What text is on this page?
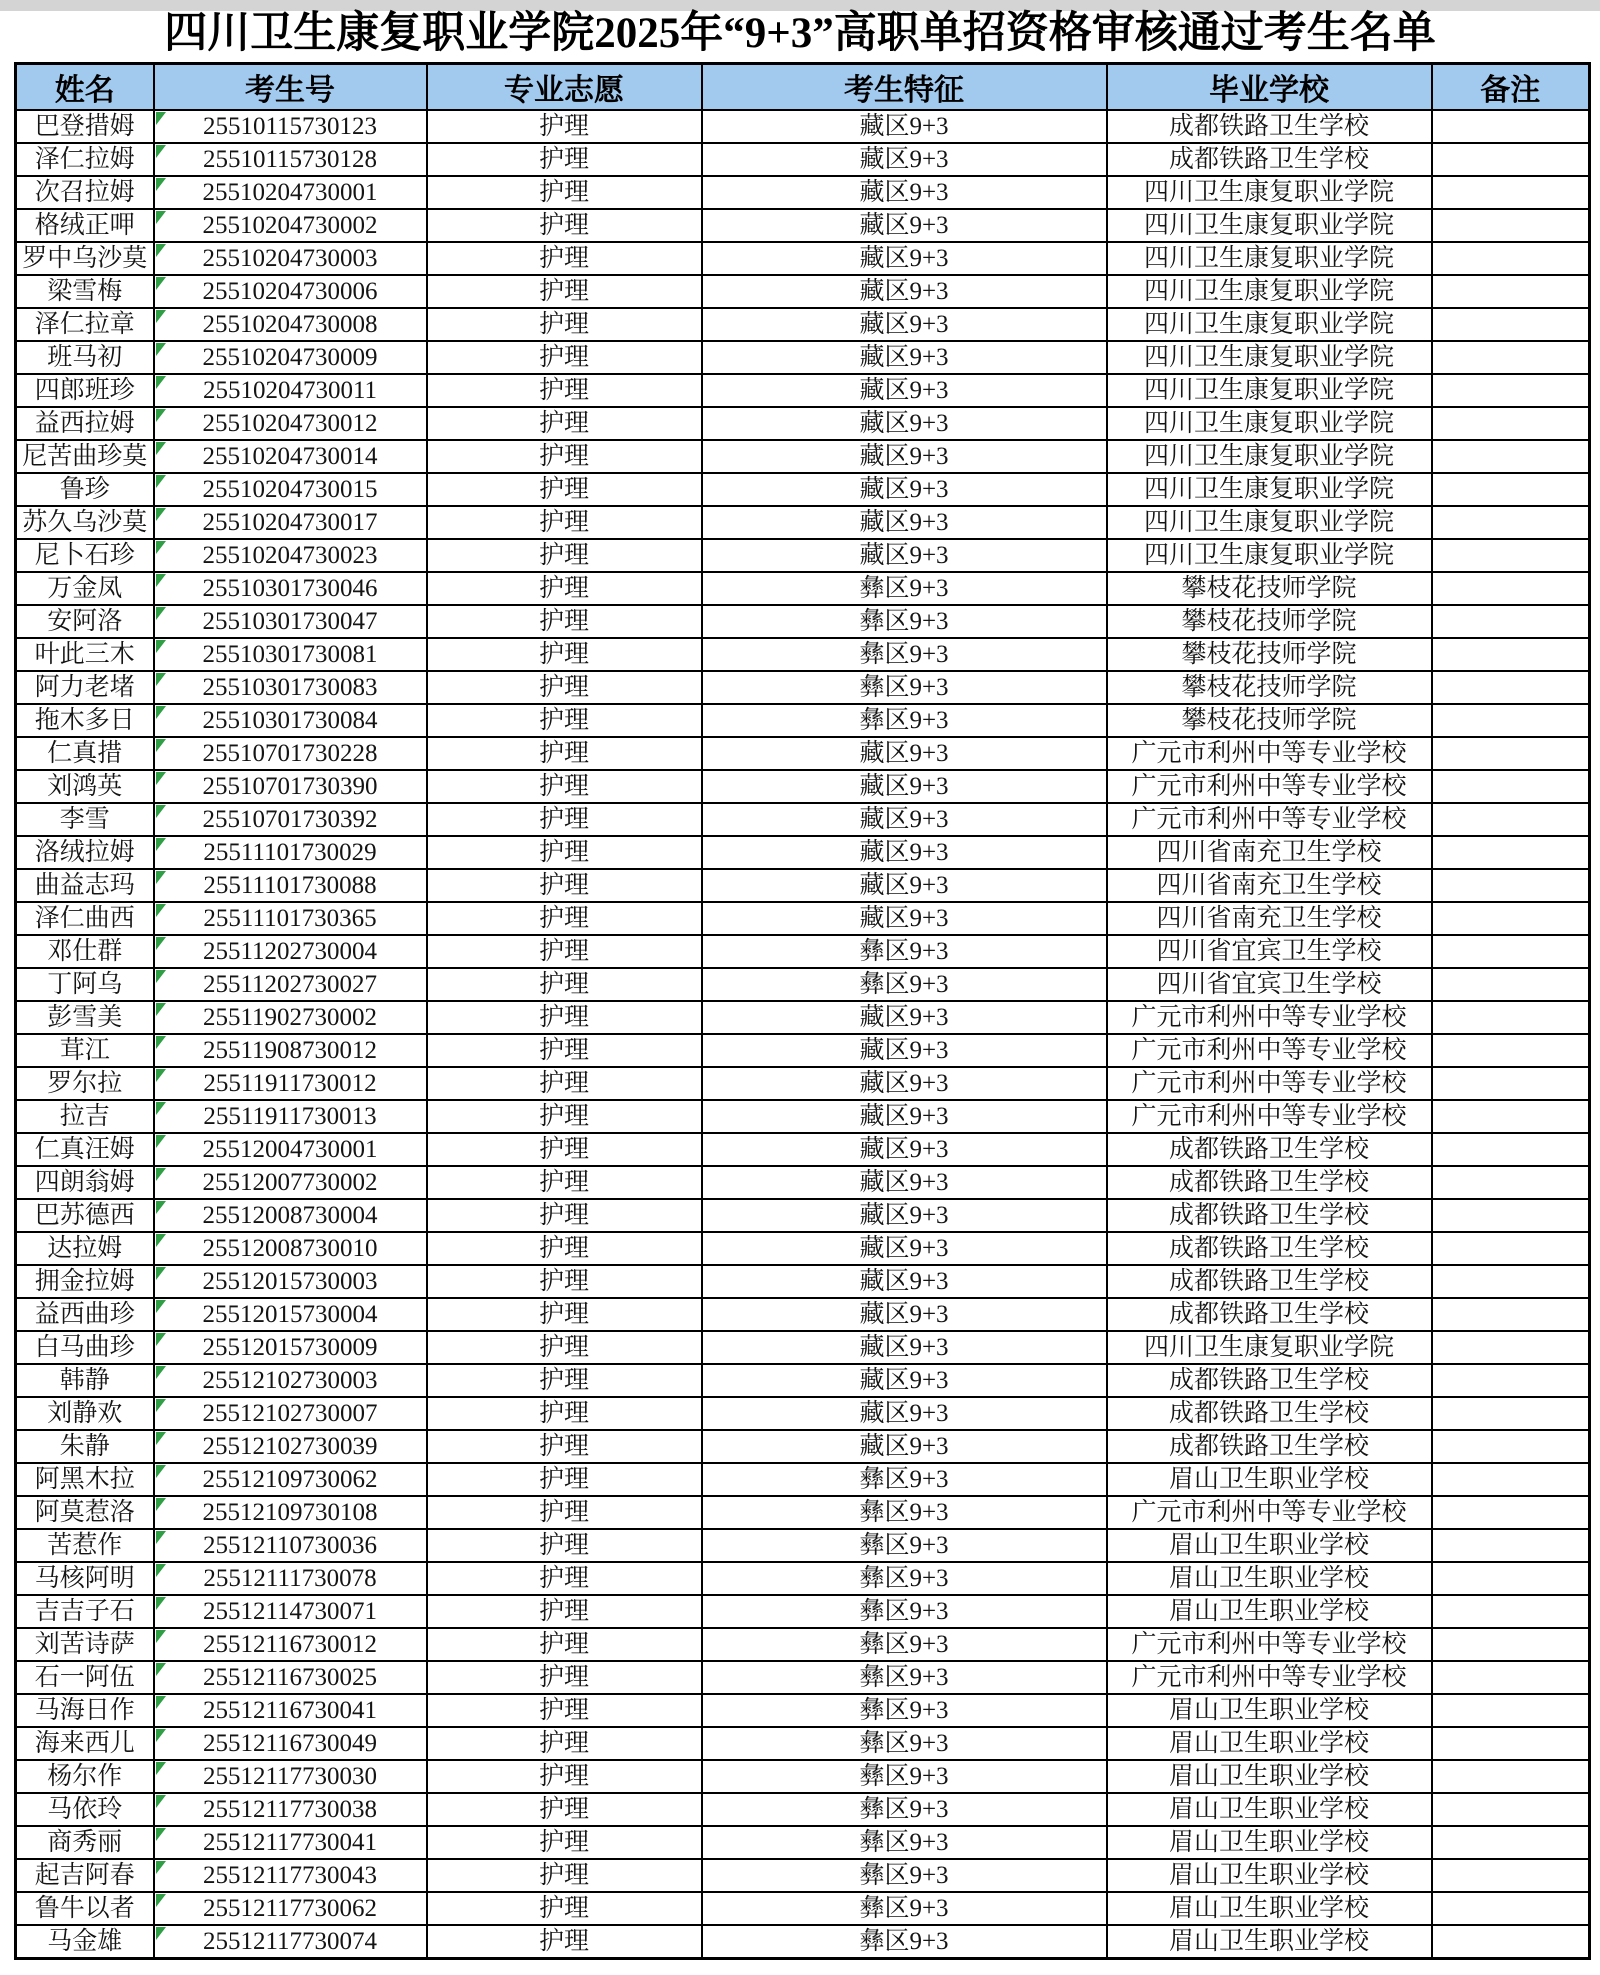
四川卫生康复职业学院2025年“9+3”高职单招资格审核通过考生名单
姓名	考生号	专业志愿	考生特征	毕业学校	备注
巴登措姆	25510115730123	护理	藏区9+3	成都铁路卫生学校	
泽仁拉姆	25510115730128	护理	藏区9+3	成都铁路卫生学校	
次召拉姆	25510204730001	护理	藏区9+3	四川卫生康复职业学院	
格绒正呷	25510204730002	护理	藏区9+3	四川卫生康复职业学院	
罗中乌沙莫	25510204730003	护理	藏区9+3	四川卫生康复职业学院	
梁雪梅	25510204730006	护理	藏区9+3	四川卫生康复职业学院	
泽仁拉章	25510204730008	护理	藏区9+3	四川卫生康复职业学院	
班马初	25510204730009	护理	藏区9+3	四川卫生康复职业学院	
四郎班珍	25510204730011	护理	藏区9+3	四川卫生康复职业学院	
益西拉姆	25510204730012	护理	藏区9+3	四川卫生康复职业学院	
尼苦曲珍莫	25510204730014	护理	藏区9+3	四川卫生康复职业学院	
鲁珍	25510204730015	护理	藏区9+3	四川卫生康复职业学院	
苏久乌沙莫	25510204730017	护理	藏区9+3	四川卫生康复职业学院	
尼卜石珍	25510204730023	护理	藏区9+3	四川卫生康复职业学院	
万金凤	25510301730046	护理	彝区9+3	攀枝花技师学院	
安阿洛	25510301730047	护理	彝区9+3	攀枝花技师学院	
叶此三木	25510301730081	护理	彝区9+3	攀枝花技师学院	
阿力老堵	25510301730083	护理	彝区9+3	攀枝花技师学院	
拖木多日	25510301730084	护理	彝区9+3	攀枝花技师学院	
仁真措	25510701730228	护理	藏区9+3	广元市利州中等专业学校	
刘鸿英	25510701730390	护理	藏区9+3	广元市利州中等专业学校	
李雪	25510701730392	护理	藏区9+3	广元市利州中等专业学校	
洛绒拉姆	25511101730029	护理	藏区9+3	四川省南充卫生学校	
曲益志玛	25511101730088	护理	藏区9+3	四川省南充卫生学校	
泽仁曲西	25511101730365	护理	藏区9+3	四川省南充卫生学校	
邓仕群	25511202730004	护理	彝区9+3	四川省宜宾卫生学校	
丁阿乌	25511202730027	护理	彝区9+3	四川省宜宾卫生学校	
彭雪美	25511902730002	护理	藏区9+3	广元市利州中等专业学校	
茸江	25511908730012	护理	藏区9+3	广元市利州中等专业学校	
罗尔拉	25511911730012	护理	藏区9+3	广元市利州中等专业学校	
拉吉	25511911730013	护理	藏区9+3	广元市利州中等专业学校	
仁真汪姆	25512004730001	护理	藏区9+3	成都铁路卫生学校	
四朗翁姆	25512007730002	护理	藏区9+3	成都铁路卫生学校	
巴苏德西	25512008730004	护理	藏区9+3	成都铁路卫生学校	
达拉姆	25512008730010	护理	藏区9+3	成都铁路卫生学校	
拥金拉姆	25512015730003	护理	藏区9+3	成都铁路卫生学校	
益西曲珍	25512015730004	护理	藏区9+3	成都铁路卫生学校	
白马曲珍	25512015730009	护理	藏区9+3	四川卫生康复职业学院	
韩静	25512102730003	护理	藏区9+3	成都铁路卫生学校	
刘静欢	25512102730007	护理	藏区9+3	成都铁路卫生学校	
朱静	25512102730039	护理	藏区9+3	成都铁路卫生学校	
阿黑木拉	25512109730062	护理	彝区9+3	眉山卫生职业学校	
阿莫惹洛	25512109730108	护理	彝区9+3	广元市利州中等专业学校	
苦惹作	25512110730036	护理	彝区9+3	眉山卫生职业学校	
马核阿明	25512111730078	护理	彝区9+3	眉山卫生职业学校	
吉吉子石	25512114730071	护理	彝区9+3	眉山卫生职业学校	
刘苦诗萨	25512116730012	护理	彝区9+3	广元市利州中等专业学校	
石一阿伍	25512116730025	护理	彝区9+3	广元市利州中等专业学校	
马海日作	25512116730041	护理	彝区9+3	眉山卫生职业学校	
海来西儿	25512116730049	护理	彝区9+3	眉山卫生职业学校	
杨尔作	25512117730030	护理	彝区9+3	眉山卫生职业学校	
马依玲	25512117730038	护理	彝区9+3	眉山卫生职业学校	
商秀丽	25512117730041	护理	彝区9+3	眉山卫生职业学校	
起吉阿春	25512117730043	护理	彝区9+3	眉山卫生职业学校	
鲁牛以者	25512117730062	护理	彝区9+3	眉山卫生职业学校	
马金雄	25512117730074	护理	彝区9+3	眉山卫生职业学校	
